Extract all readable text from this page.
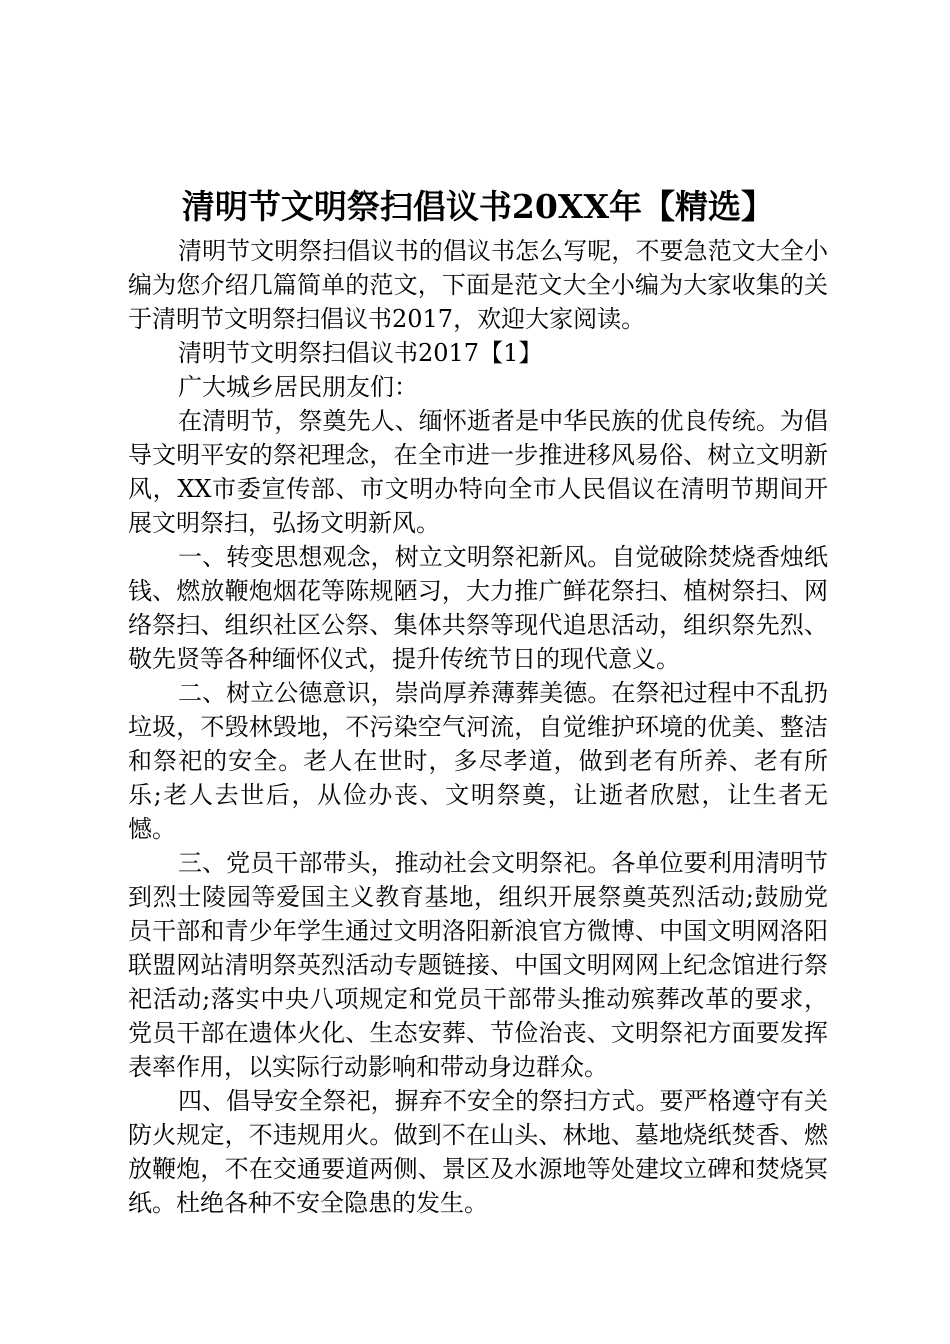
清明节文明祭扫倡议书20XX年【精选】

清明节文明祭扫倡议书的倡议书怎么写呢，不要急范文大全小编为您介绍几篇简单的范文，下面是范文大全小编为大家收集的关于清明节文明祭扫倡议书2017，欢迎大家阅读。

清明节文明祭扫倡议书2017【1】

广大城乡居民朋友们：

在清明节，祭奠先人、缅怀逝者是中华民族的优良传统。为倡导文明平安的祭祀理念，在全市进一步推进移风易俗、树立文明新风，XX市委宣传部、市文明办特向全市人民倡议在清明节期间开展文明祭扫，弘扬文明新风。

一、转变思想观念，树立文明祭祀新风。自觉破除焚烧香烛纸钱、燃放鞭炮烟花等陈规陋习，大力推广鲜花祭扫、植树祭扫、网络祭扫、组织社区公祭、集体共祭等现代追思活动，组织祭先烈、敬先贤等各种缅怀仪式，提升传统节日的现代意义。

二、树立公德意识，崇尚厚养薄葬美德。在祭祀过程中不乱扔垃圾，不毁林毁地，不污染空气河流，自觉维护环境的优美、整洁和祭祀的安全。老人在世时，多尽孝道，做到老有所养、老有所乐;老人去世后，从俭办丧、文明祭奠，让逝者欣慰，让生者无憾。

三、党员干部带头，推动社会文明祭祀。各单位要利用清明节到烈士陵园等爱国主义教育基地，组织开展祭奠英烈活动;鼓励党员干部和青少年学生通过文明洛阳新浪官方微博、中国文明网洛阳联盟网站清明祭英烈活动专题链接、中国文明网网上纪念馆进行祭祀活动;落实中央八项规定和党员干部带头推动殡葬改革的要求，党员干部在遗体火化、生态安葬、节俭治丧、文明祭祀方面要发挥表率作用，以实际行动影响和带动身边群众。

四、倡导安全祭祀，摒弃不安全的祭扫方式。要严格遵守有关防火规定，不违规用火。做到不在山头、林地、墓地烧纸焚香、燃放鞭炮，不在交通要道两侧、景区及水源地等处建坟立碑和焚烧冥纸。杜绝各种不安全隐患的发生。
